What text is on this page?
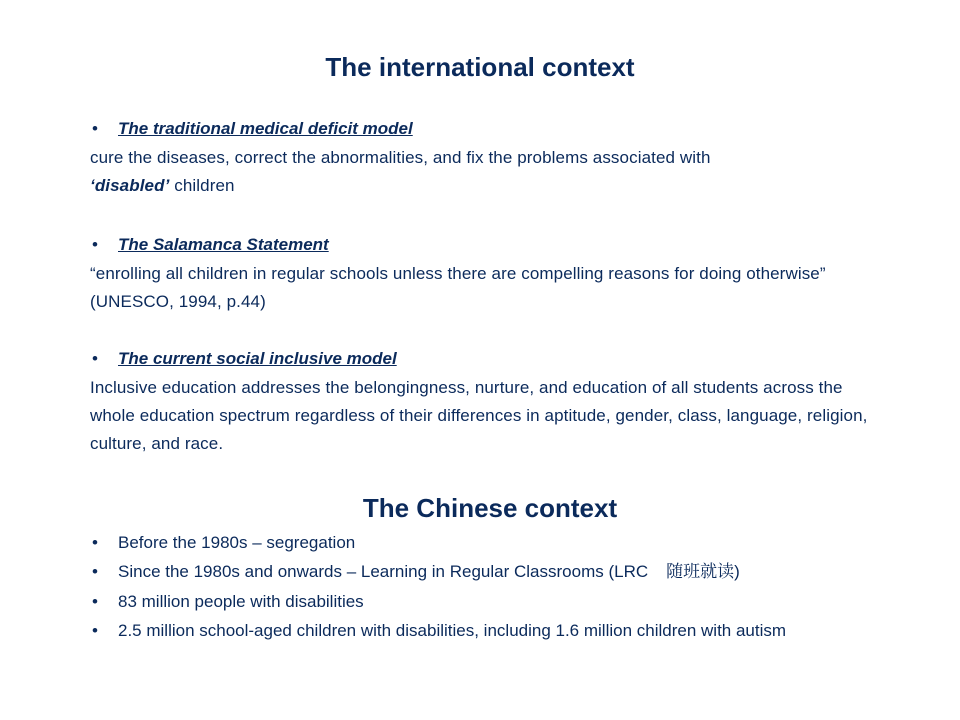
The international context
•	The traditional medical deficit model
cure the diseases, correct the abnormalities, and fix the problems associated with
‘disabled’ children
•	The Salamanca Statement
“enrolling all children in regular schools unless there are compelling reasons for doing otherwise” (UNESCO, 1994, p.44)
•	The current social inclusive model
Inclusive education addresses the belongingness, nurture, and education of all students across the whole education spectrum regardless of their differences in aptitude, gender, class, language, religion, culture, and race.
The Chinese context
• Before the 1980s – segregation
• Since the 1980s and onwards – Learning in Regular Classrooms (LRC 随班就读)
• 83 million people with disabilities
• 2.5 million school-aged children with disabilities, including 1.6 million children with autism
